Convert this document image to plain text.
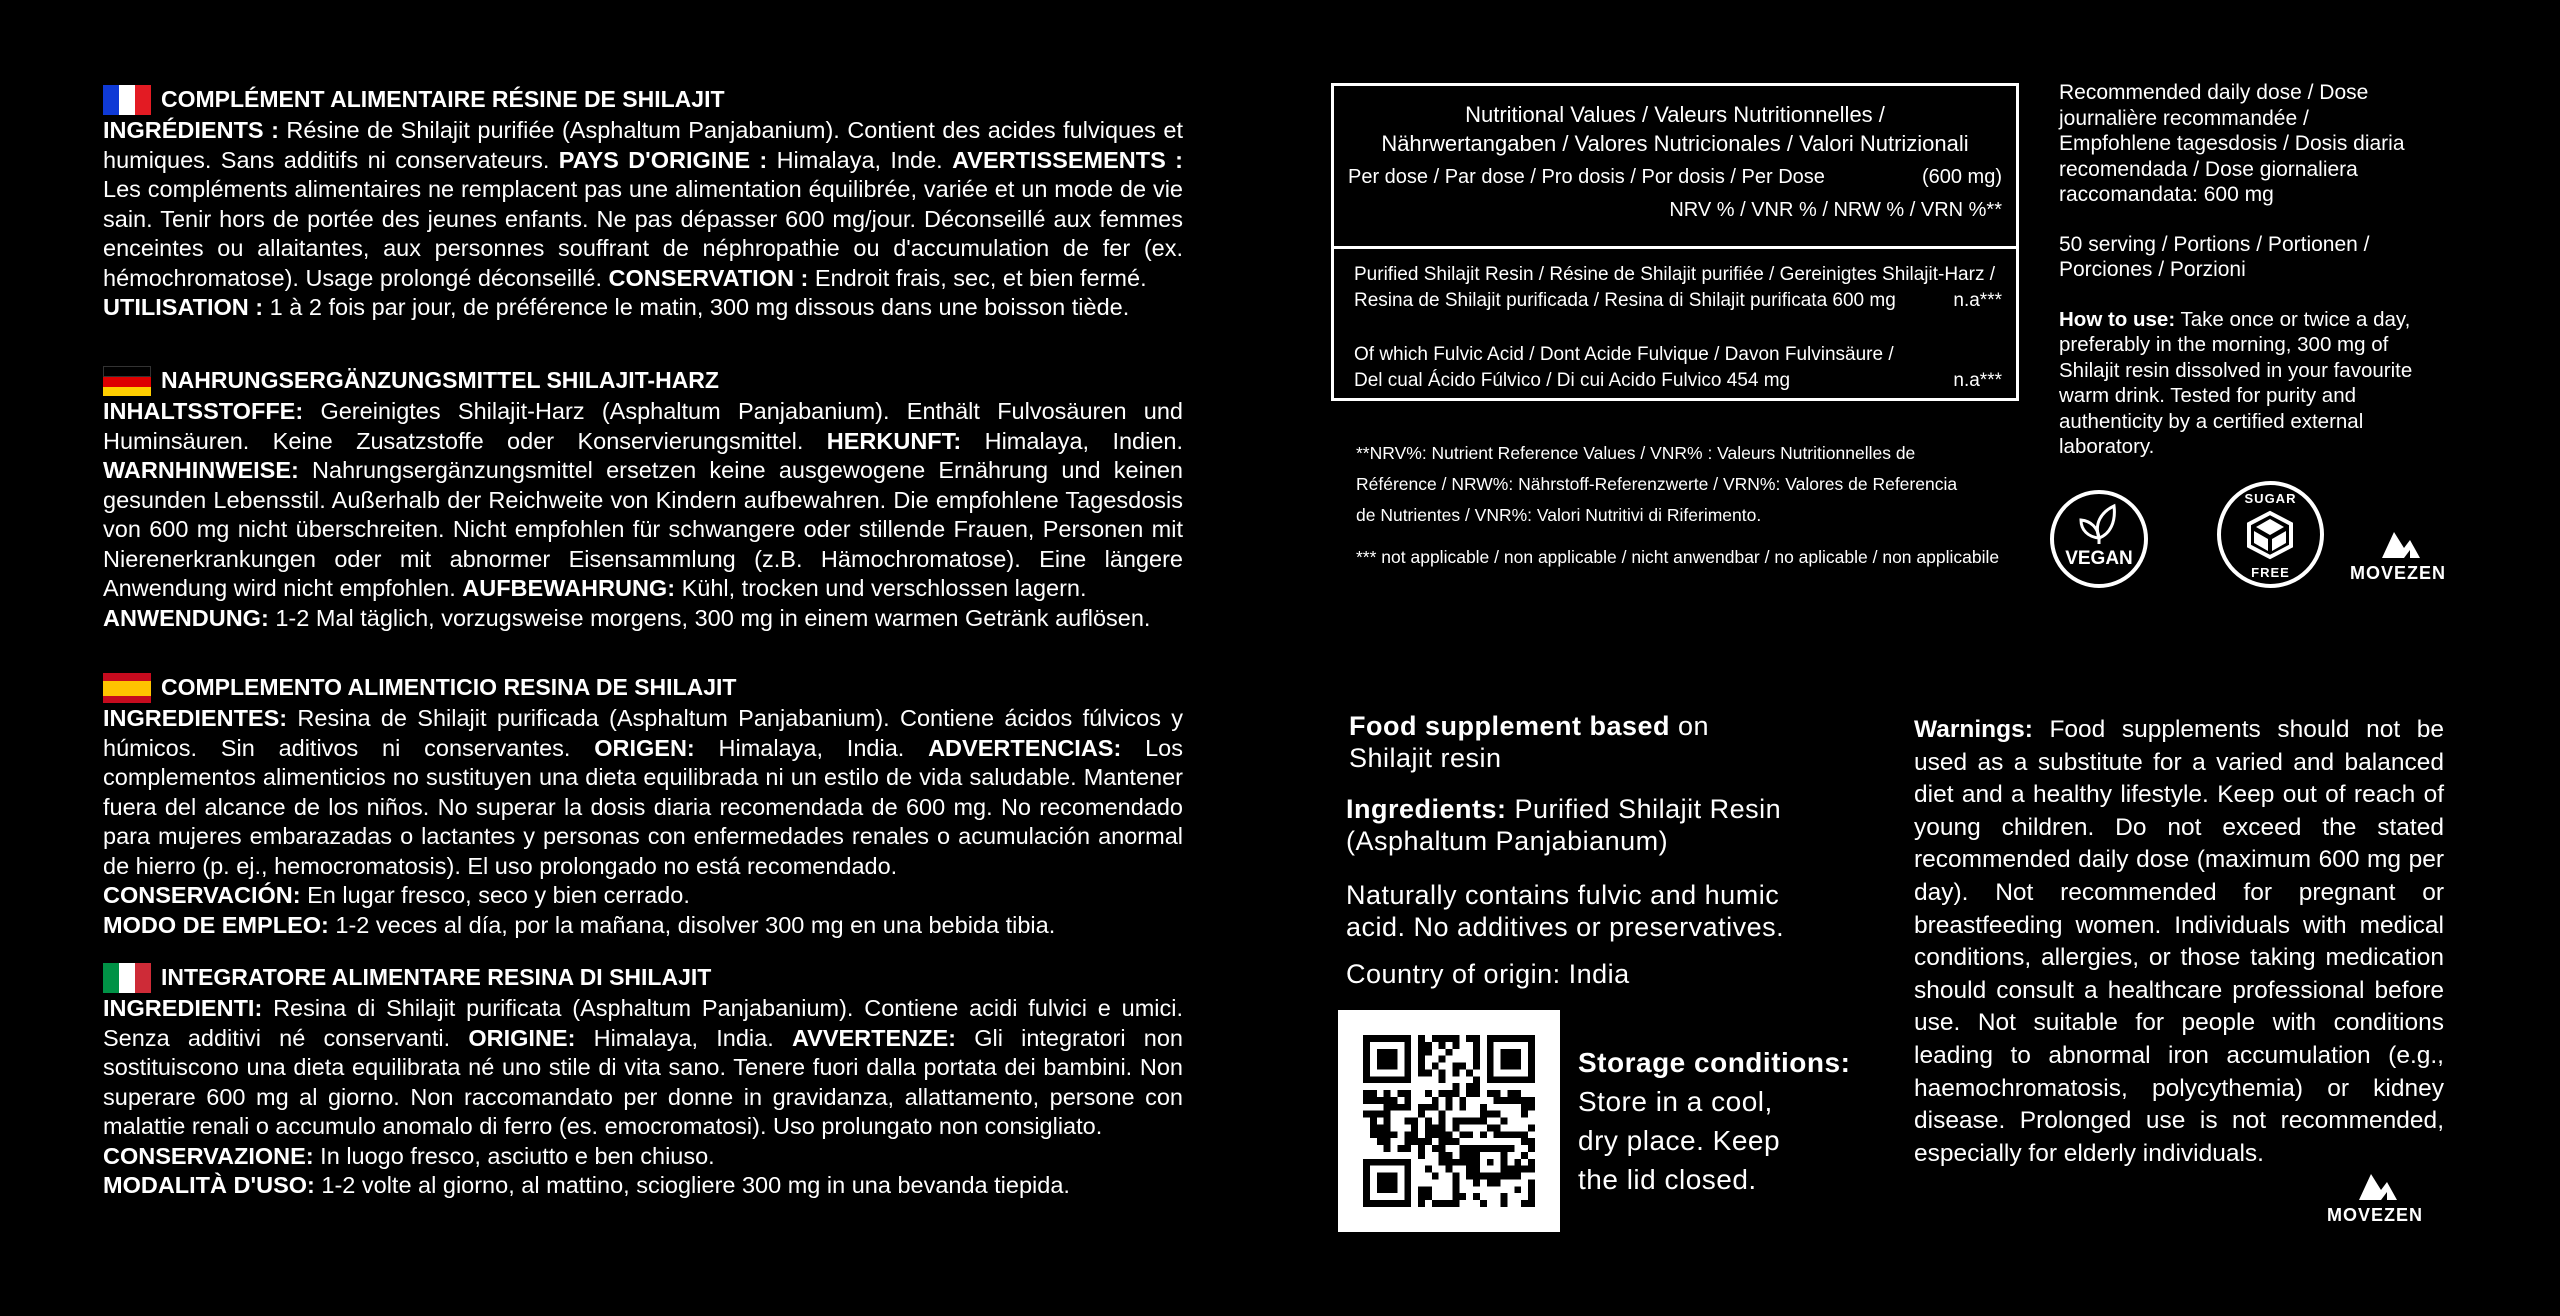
COMPLÉMENT ALIMENTAIRE RÉSINE DE SHILAJIT

INGRÉDIENTS : Résine de Shilajit purifiée (Asphaltum Panjabanium). Contient des acides fulviques et humiques. Sans additifs ni conservateurs. PAYS D'ORIGINE : Himalaya, Inde. AVERTISSEMENTS : Les compléments alimentaires ne remplacent pas une alimentation équilibrée, variée et un mode de vie sain. Tenir hors de portée des jeunes enfants. Ne pas dépasser 600 mg/jour. Déconseillé aux femmes enceintes ou allaitantes, aux personnes souffrant de néphropathie ou d'accumulation de fer (ex. hémochromatose). Usage prolongé déconseillé. CONSERVATION : Endroit frais, sec, et bien fermé.
UTILISATION : 1 à 2 fois par jour, de préférence le matin, 300 mg dissous dans une boisson tiède.

NAHRUNGSERGÄNZUNGSMITTEL SHILAJIT-HARZ

INHALTSSTOFFE: Gereinigtes Shilajit-Harz (Asphaltum Panjabanium). Enthält Fulvosäuren und Huminsäuren. Keine Zusatzstoffe oder Konservierungsmittel. HERKUNFT: Himalaya, Indien. WARNHINWEISE: Nahrungsergänzungsmittel ersetzen keine ausgewogene Ernährung und keinen gesunden Lebensstil. Außerhalb der Reichweite von Kindern aufbewahren. Die empfohlene Tagesdosis von 600 mg nicht überschreiten. Nicht empfohlen für schwangere oder stillende Frauen, Personen mit Nierenerkrankungen oder mit abnormer Eisensammlung (z.B. Hämochromatose). Eine längere Anwendung wird nicht empfohlen. AUFBEWAHRUNG: Kühl, trocken und verschlossen lagern.
ANWENDUNG: 1-2 Mal täglich, vorzugsweise morgens, 300 mg in einem warmen Getränk auflösen.

COMPLEMENTO ALIMENTICIO RESINA DE SHILAJIT

INGREDIENTES: Resina de Shilajit purificada (Asphaltum Panjabanium). Contiene ácidos fúlvicos y húmicos. Sin aditivos ni conservantes. ORIGEN: Himalaya, India. ADVERTENCIAS: Los complementos alimenticios no sustituyen una dieta equilibrada ni un estilo de vida saludable. Mantener fuera del alcance de los niños. No superar la dosis diaria recomendada de 600 mg. No recomendado para mujeres embarazadas o lactantes y personas con enfermedades renales o acumulación anormal de hierro (p. ej., hemocromatosis). El uso prolongado no está recomendado.
CONSERVACIÓN: En lugar fresco, seco y bien cerrado.
MODO DE EMPLEO: 1-2 veces al día, por la mañana, disolver 300 mg en una bebida tibia.

INTEGRATORE ALIMENTARE RESINA DI SHILAJIT

INGREDIENTI: Resina di Shilajit purificata (Asphaltum Panjabanium). Contiene acidi fulvici e umici. Senza additivi né conservanti. ORIGINE: Himalaya, India. AVVERTENZE: Gli integratori non sostituiscono una dieta equilibrata né uno stile di vita sano. Tenere fuori dalla portata dei bambini. Non superare 600 mg al giorno. Non raccomandato per donne in gravidanza, allattamento, persone con malattie renali o accumulo anomalo di ferro (es. emocromatosi). Uso prolungato non consigliato.
CONSERVAZIONE: In luogo fresco, asciutto e ben chiuso.
MODALITÀ D'USO: 1-2 volte al giorno, al mattino, sciogliere 300 mg in una bevanda tiepida.

Nutritional Values / Valeurs Nutritionnelles /
Nährwertangaben / Valores Nutricionales / Valori Nutrizionali
Per dose / Par dose / Pro dosis / Por dosis / Per Dose	(600 mg)
NRV % / VNR % / NRW % / VRN %**
Purified Shilajit Resin / Résine de Shilajit purifiée / Gereinigtes Shilajit-Harz /
Resina de Shilajit purificada / Resina di Shilajit purificata 600 mg	n.a***
Of which Fulvic Acid / Dont Acide Fulvique / Davon Fulvinsäure /
Del cual Ácido Fúlvico / Di cui Acido Fulvico 454 mg	n.a***
**NRV%: Nutrient Reference Values / VNR% : Valeurs Nutritionnelles de
Référence / NRW%: Nährstoff-Referenzwerte / VRN%: Valores de Referencia
de Nutrientes / VNR%: Valori Nutritivi di Riferimento.
*** not applicable / non applicable / nicht anwendbar / no aplicable / non applicabile
Recommended daily dose / Dose
journalière recommandée /
Empfohlene tagesdosis / Dosis diaria
recomendada / Dose giornaliera
raccomandata: 600 mg
50 serving / Portions / Portionen /
Porciones / Porzioni
How to use: Take once or twice a day,
preferably in the morning, 300 mg of
Shilajit resin dissolved in your favourite
warm drink. Tested for purity and
authenticity by a certified external
laboratory.
VEGAN
SUGAR
FREE	MOVEZEN
Food supplement based on
Shilajit resin
Ingredients: Purified Shilajit Resin
(Asphaltum Panjabianum)
Naturally contains fulvic and humic
acid. No additives or preservatives.
Country of origin: India
Storage conditions:
Store in a cool,
dry place. Keep
the lid closed.
Warnings: Food supplements should not be used as a substitute for a varied and balanced diet and a healthy lifestyle. Keep out of reach of young children. Do not exceed the stated recommended daily dose (maximum 600 mg per day). Not recommended for pregnant or breastfeeding women. Individuals with medical conditions, allergies, or those taking medication should consult a healthcare professional before use. Not suitable for people with conditions leading to abnormal iron accumulation (e.g., haemochromatosis, polycythemia) or kidney disease. Prolonged use is not recommended, especially for elderly individuals.
MOVEZEN
